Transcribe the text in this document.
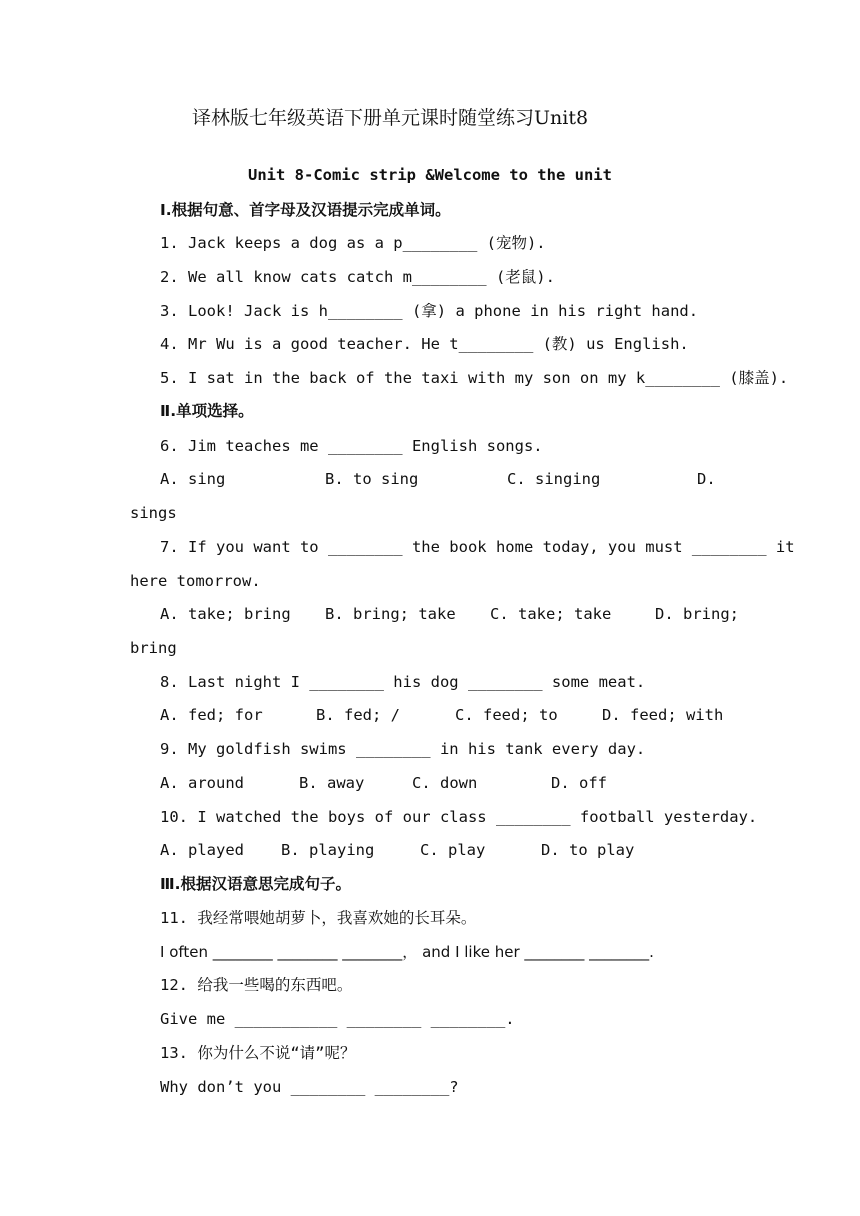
译林版七年级英语下册单元课时随堂练习Unit8
Unit 8-Comic strip &Welcome to the unit
Ⅰ.根据句意、首字母及汉语提示完成单词。
1. Jack keeps a dog as a p________ (宠物).
2. We all know cats catch m________ (老鼠).
3. Look! Jack is h________ (拿) a phone in his right hand.
4. Mr Wu is a good teacher. He t________ (教) us English.
5. I sat in the back of the taxi with my son on my k________ (膝盖).
Ⅱ.单项选择。
6. Jim teaches me ________ English songs.
A. sing	B. to sing	C. singing	D.
sings
7. If you want to ________ the book home today, you must ________ it
here tomorrow.
A. take; bring B. bring; take C. take; take	D. bring;
bring
8. Last night I ________ his dog ________ some meat.
A. fed; for	B. fed; /	C. feed; to	D. feed; with
9. My goldfish swims ________ in his tank every day.
A. around	B. away	C. down	D. off
10. I watched the boys of our class ________ football yesterday.
A. played B. playing	C. play	D. to play
Ⅲ.根据汉语意思完成句子。
11. 我经常喂她胡萝卜，我喜欢她的长耳朵。
I often ________ ________ ________， and I like her ________ ________.
12. 给我一些喝的东西吧。
Give me ___________ ________ ________.
13. 你为什么不说“请”呢？
Why don’t you ________ ________?
